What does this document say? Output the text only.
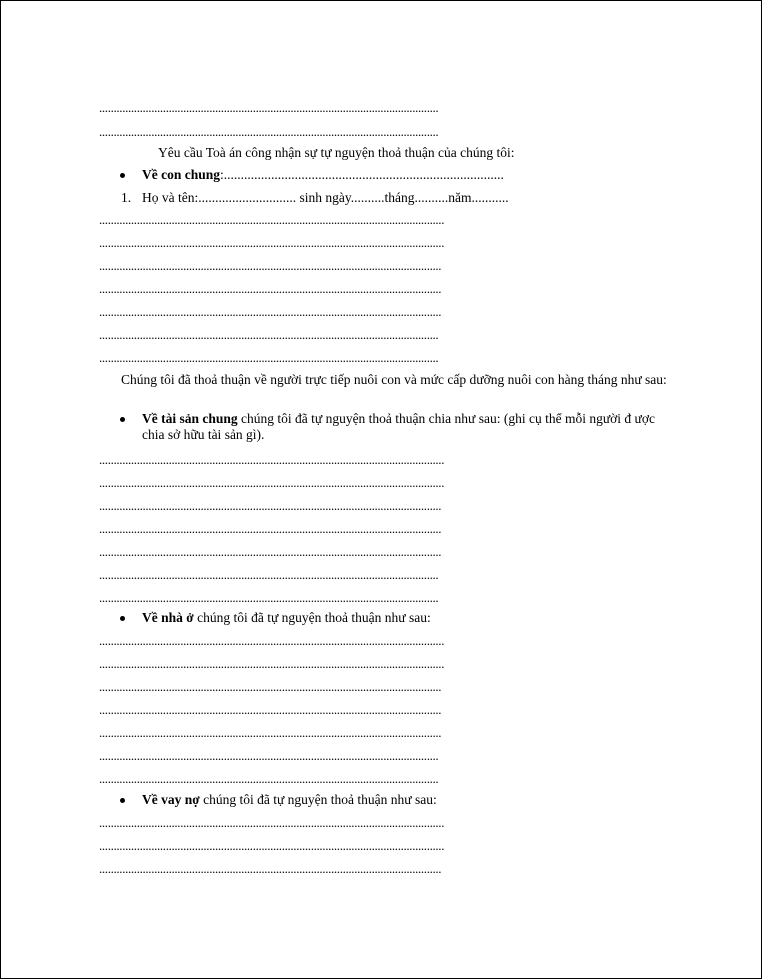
.....................................................................................................................
.....................................................................................................................
Yêu cầu Toà án công nhận sự tự nguyện thoả thuận của chúng tôi:
Về con chung:...................................................................................
1. Họ và tên:............................. sinh ngày..........tháng..........năm...........
.......................................................................................................................
.......................................................................................................................
......................................................................................................................
......................................................................................................................
......................................................................................................................
.....................................................................................................................
.....................................................................................................................
Chúng tôi đã thoả thuận về người trực tiếp nuôi con và mức cấp dưỡng nuôi con hàng tháng như sau:
Về tài sản chung chúng tôi đã tự nguyện thoả thuận chia như sau: (ghi cụ thể mỗi người đ ược chia sở hữu tài sản gì).
.......................................................................................................................
.......................................................................................................................
......................................................................................................................
......................................................................................................................
......................................................................................................................
.....................................................................................................................
.....................................................................................................................
Về nhà ở chúng tôi đã tự nguyện thoả thuận như sau:
.......................................................................................................................
.......................................................................................................................
......................................................................................................................
......................................................................................................................
......................................................................................................................
.....................................................................................................................
.....................................................................................................................
Về vay nợ chúng tôi đã tự nguyện thoả thuận như sau:
.......................................................................................................................
.......................................................................................................................
......................................................................................................................
